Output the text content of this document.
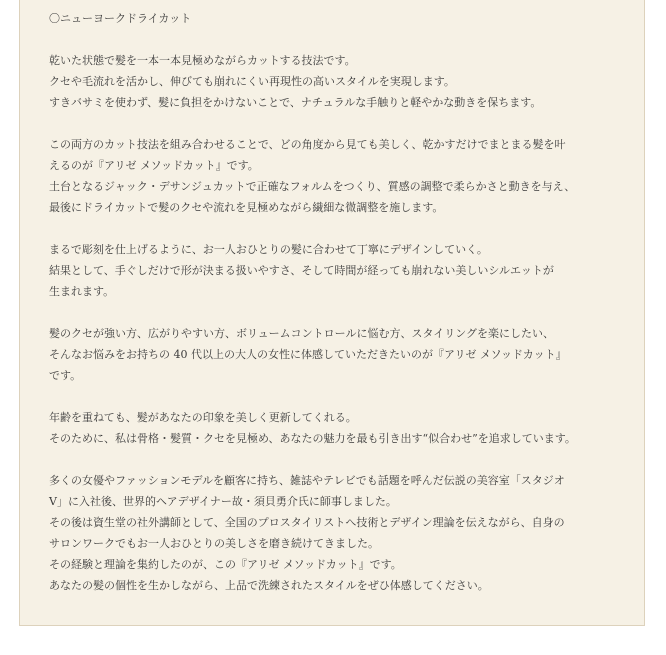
〇ニューヨークドライカット
乾いた状態で髪を一本一本見極めながらカットする技法です。
クセや毛流れを活かし、伸びても崩れにくい再現性の高いスタイルを実現します。
すきバサミを使わず、髪に負担をかけないことで、ナチュラルな手触りと軽やかな動きを保ちます。
この両方のカット技法を組み合わせることで、どの角度から見ても美しく、乾かすだけでまとまる髪を叶
えるのが『アリゼ メソッドカット』です。
土台となるジャック・デサンジュカットで正確なフォルムをつくり、質感の調整で柔らかさと動きを与え、
最後にドライカットで髪のクセや流れを見極めながら繊細な微調整を施します。
まるで彫刻を仕上げるように、お一人おひとりの髪に合わせて丁寧にデザインしていく。
結果として、手ぐしだけで形が決まる扱いやすさ、そして時間が経っても崩れない美しいシルエットが
生まれます。
髪のクセが強い方、広がりやすい方、ボリュームコントロールに悩む方、スタイリングを楽にしたい、
そんなお悩みをお持ちの 40 代以上の大人の女性に体感していただきたいのが『アリゼ メソッドカット』
です。
年齢を重ねても、髪があなたの印象を美しく更新してくれる。
そのために、私は骨格・髪質・クセを見極め、あなたの魅力を最も引き出す“似合わせ”を追求しています。
多くの女優やファッションモデルを顧客に持ち、雑誌やテレビでも話題を呼んだ伝説の美容室「スタジオ
V」に入社後、世界的ヘアデザイナー故・須貝勇介氏に師事しました。
その後は資生堂の社外講師として、全国のプロスタイリストへ技術とデザイン理論を伝えながら、自身の
サロンワークでもお一人おひとりの美しさを磨き続けてきました。
その経験と理論を集約したのが、この『アリゼ メソッドカット』です。
あなたの髪の個性を生かしながら、上品で洗練されたスタイルをぜひ体感してください。
